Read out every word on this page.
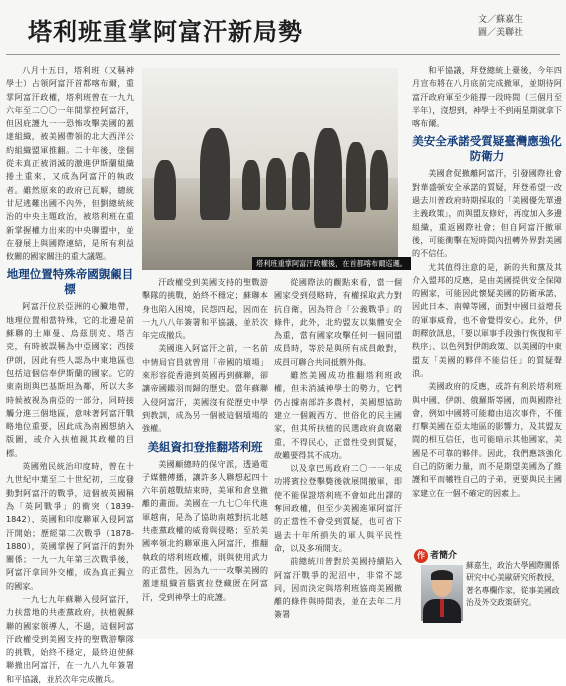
塔利班重掌阿富汗新局勢	文／蘇嘉生
圖／美聯社

八月十五日，塔利班（又稱神學士）占領阿富汗首都喀布爾，重掌阿富汗政權，塔利班曾在一九九六年至二〇〇一年間掌控阿富汗，但因庇護九一一恐怖攻擊美國的蓋達組織，被美國帶領的北大西洋公約組織盟軍推翻。二十年後，塗個從未真正被消滅的激進伊斯蘭組織捲土重來，又成為阿富汗的執政者。雖然原來的政府已瓦解，總統甘尼逃難出國不內外，但劉總統統治的中央主題政治，被塔利班在重新掌握權力出來的中央聯盟中，並在發展上與國際連結，是所有利益攸關的國家關注的重大議題。

地理位置特殊帝國覬覦目標

阿富汗位於亞洲的心臟地帶，地理位置相當特殊，它的北邊是前蘇聯的土庫曼、烏茲別克、塔吉克，有時被誤稱為中亞國家；西接伊朗，因此有些人認為中東地區也包括這個信奉伊斯蘭的國家。它的東南則與巴基斯坦為鄰，所以大多時候被視為南亞的一部分，同時接觸分進三個地區，意味著阿富汗戰略地位重要，因此成為南國想納入版圖，或介入扶植親其政權的目標。

英國殖民統治印度時，曾在十九世紀中葉至二十世紀初，三度發動對阿富汗的戰爭，這個被英國稱為「英阿戰爭」的衝突（1839-1842）、英國和印度聯軍入侵阿富汗開始；歷經第二次戰爭（1878-1880），英國掌握了阿富汗的對外關係；一九一九年第三次戰爭後，阿富汗拿回外交權，成為真正獨立的國家。

一九七九年蘇聯入侵阿富汗，力扶當地的共產黨政府，扶植親蘇聯的國家領導人，不過，這個阿富汗政權受到美國支持的聖戰游擊隊的挑戰，始終不穩定，最終迫使蘇聯撤出阿富汗，在一九八九年簽署和平協議，並於次年完成撤兵。

塔利班重掌阿富汗政權後，在首都喀布爾巡邏。

汗政權受到美國支持的聖戰游擊隊的挑戰，始終不穩定；蘇聯本身也陷入困境，民怨四起，因而在一九八八年簽署和平協議，並於次年完成撤兵。

美國進入阿富汗之前，一名前中情局官員就曾用「帝國的墳場」來形容從香港到英國再到蘇聯，卻讓帝國鎩羽而歸的歷史。當年蘇聯入侵阿富汗，美國沒有從歷史中學到教訓，成為另一個被這個墳場的強權。

美組資扣登推翻塔利班

美國顧總時的保守派，透過電子媒體傳播，讓許多人聯想起四十六年前越戰結束時，美軍和倉皇撤離的畫面。美國在一九七〇年代進軍越南，是為了協助南越對抗北越共產黨政權的威脅與侵略；至於美國率領北約聯軍進入阿富汗，推翻執政的塔利班政權，則與使用武力的正當性，因為九一一攻擊美國的蓋達組織首腦賓拉登藏匿在阿富汗，受到神學士的庇護。

從國際法的觀點來看，當一個國家受到侵略時，有權採取武力對抗自衛，因為符合「公義戰爭」的條件，此外，北約盟友以集體安全為重，當有國家攻擊任何一個同盟成員時，等於是與所有成員敵對，成員可聯合共同抵禦外侮。

雖然美國成功推翻塔利班政權，但未消滅神學士的勢力，它們仍占據南部許多農村，美國想協助建立一個親西方、世俗化的民主國家，但其所扶植的民選政府貪腐嚴重，不得民心，正當性受到質疑，故難要得其不成功。

以及拿巴馬政府二〇一一年成功將賓拉登擊斃後就展開撤軍，即使不能保證塔利班不會如此出譯的奪回政權，但至少美國進軍阿富汗的正當性不會受到質疑，也可省下過去十年所損失的軍人與平民性命，以及多項開支。

前總統川普對於美國持續陷入阿富汗戰爭的泥沼中，非常不認同，因而決定與塔利班協商美國撤離的條件與時間表，並在去年二月簽署

和平協議，拜登總統上臺後，今年四月宣布將在八月底前完成撤軍，並期待阿富汗政府軍至少能撐一段時間（三個月至半年），沒想到，神學士不到兩星期就拿下喀布爾。

美安全承諾受質疑臺灣應強化防衛力

美國倉促撤離阿富汗，引發國際社會對華盛頓安全承諾的質疑，拜登希望一改過去川普政府時期採取的「美國優先單邊主義政策」，而與盟友修好，再度加入多邊組織，重返國際社會；但自阿富汗撤軍後，可能衝擊在短時間內扭轉外界對美國的不信任。

尤其值得注意的是，新的共和黨及其介入盟邦的反應，是由美國提供安全保障的國家，可能因此懷疑美國的防衛承諾，因此日本、南韓等國，面對中國日益增長的軍事威脅，也不會覺得安心。此外，伊朗釋放訊息，「要以軍事手段強行恢復和平秩序」、以色列對伊朗政策、以美國的中東盟友「美國的夥伴不能信任」的質疑聲浪。

美國政府的反應，或許有利於塔利班與中國、伊朗、俄羅斯等國，而與國際社會，例如中國將可能藉由這次事件，不僅打擊美國在亞太地區的影響力，及其盟友間的相互信任，也可能暗示其他國家，美國是不可靠的夥伴。因此，我們應該強化自己的防衛力量，而不是期望美國為了維護和平而犧牲自己的子弟，更要與民主國家建立在一個不確定的因素上。

作 者簡介
蘇嘉生，政治大學國際關係研究中心美歐研究所教授，著名專欄作家，從事美國政治及外交政策研究。
